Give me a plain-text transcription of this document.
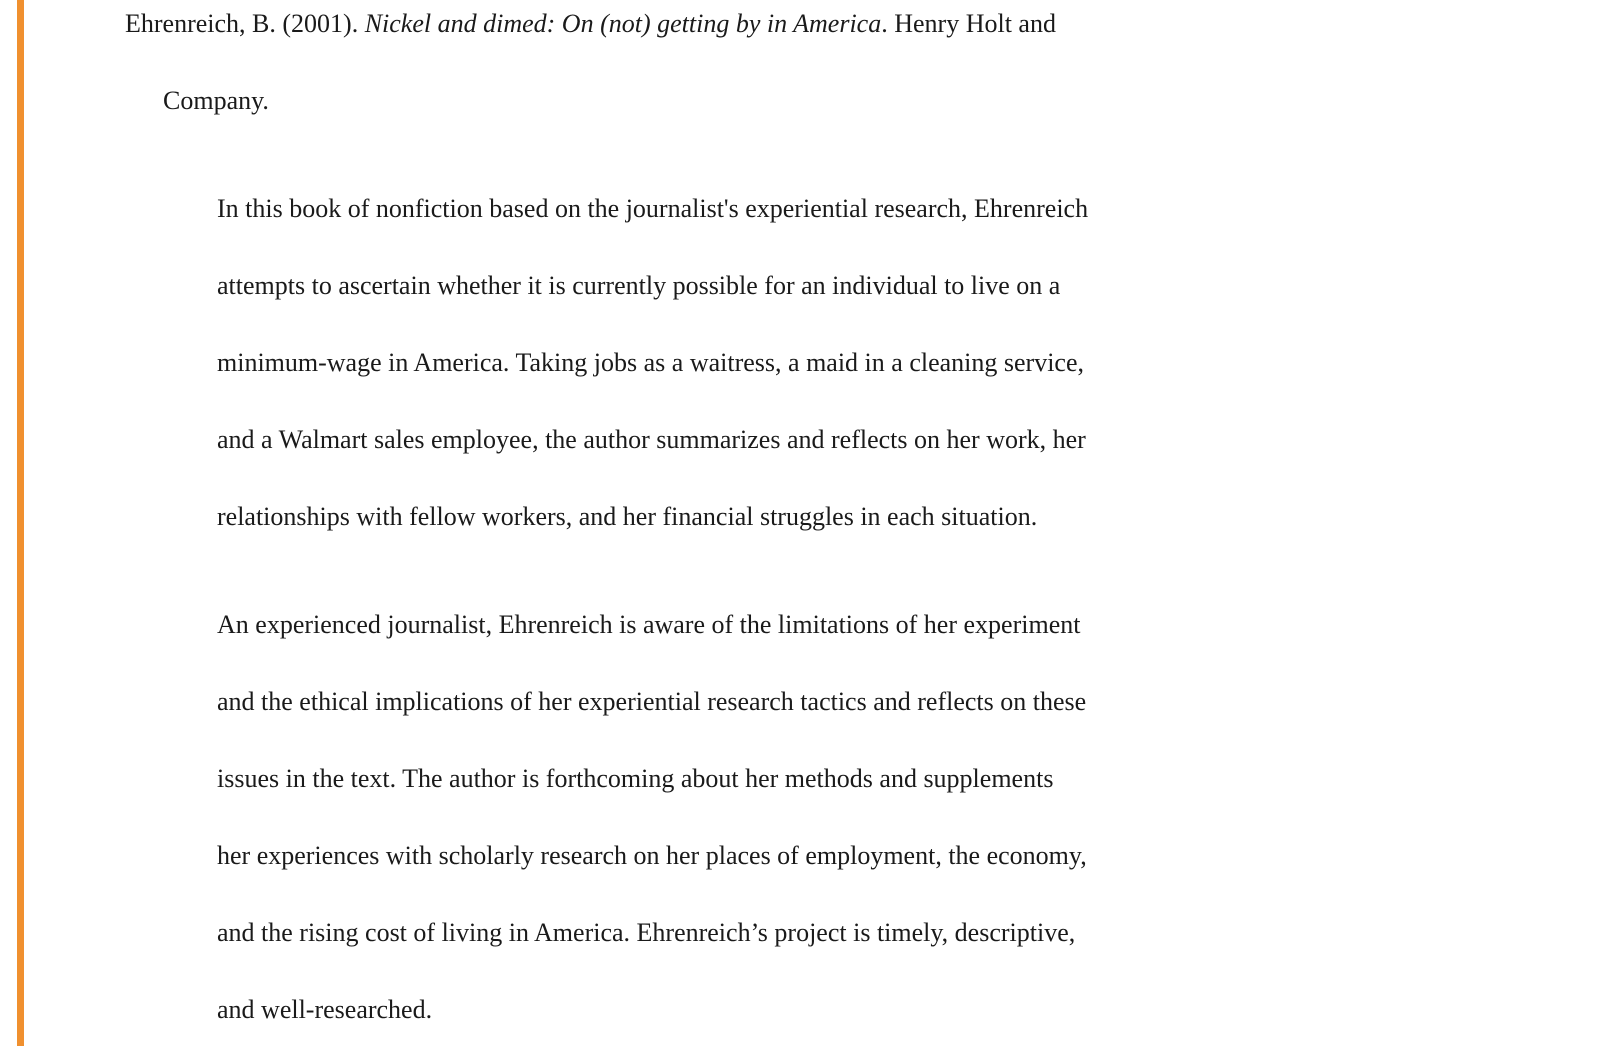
Ehrenreich, B. (2001). Nickel and dimed: On (not) getting by in America. Henry Holt and
Company.
In this book of nonfiction based on the journalist's experiential research, Ehrenreich
attempts to ascertain whether it is currently possible for an individual to live on a
minimum-wage in America. Taking jobs as a waitress, a maid in a cleaning service,
and a Walmart sales employee, the author summarizes and reflects on her work, her
relationships with fellow workers, and her financial struggles in each situation.
An experienced journalist, Ehrenreich is aware of the limitations of her experiment
and the ethical implications of her experiential research tactics and reflects on these
issues in the text. The author is forthcoming about her methods and supplements
her experiences with scholarly research on her places of employment, the economy,
and the rising cost of living in America. Ehrenreich’s project is timely, descriptive,
and well-researched.
